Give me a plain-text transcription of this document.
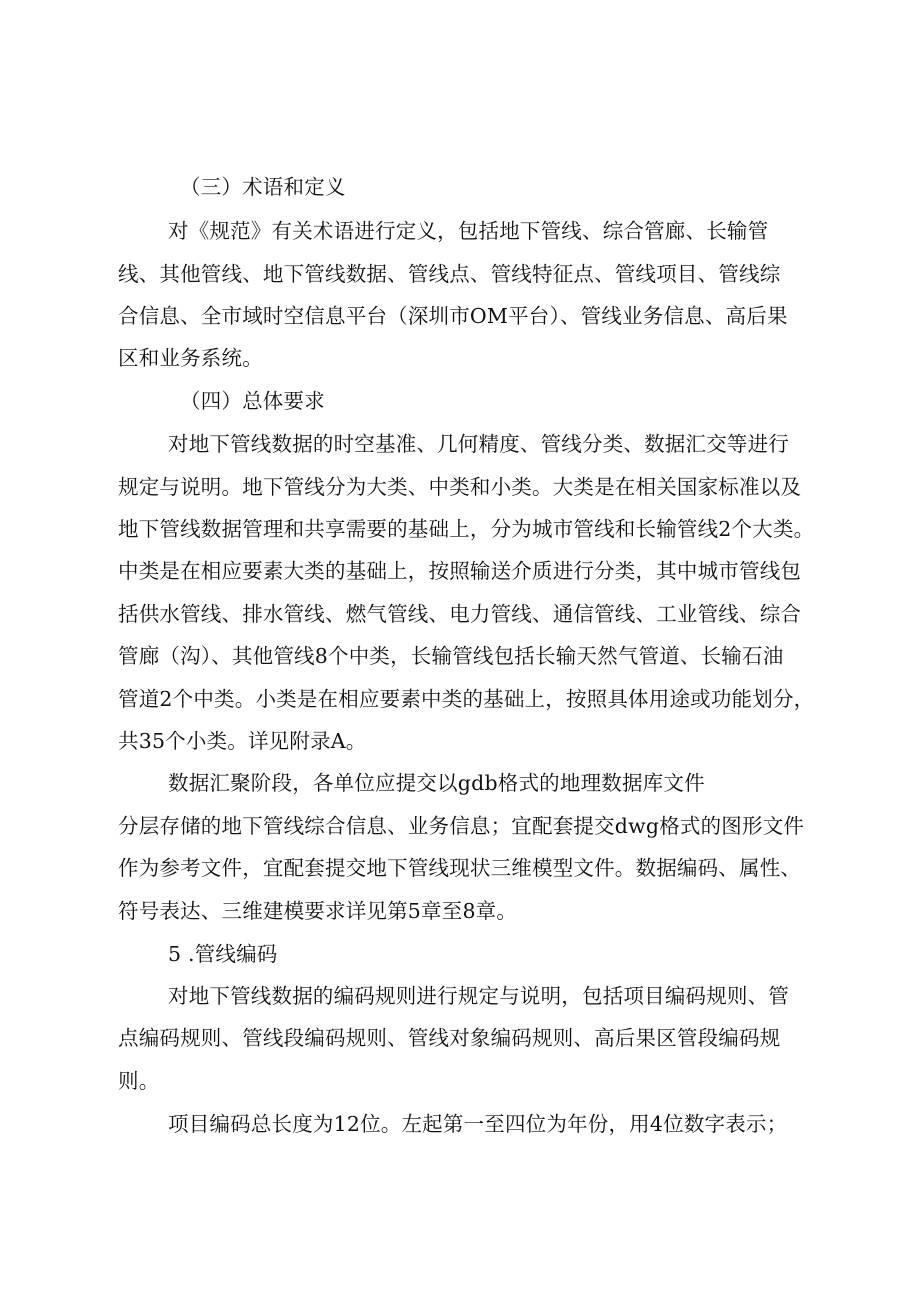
（三）术语和定义
对《规范》有关术语进行定义，包括地下管线、综合管廊、长输管
线、其他管线、地下管线数据、管线点、管线特征点、管线项目、管线综
合信息、全市域时空信息平台（深圳市OM平台）、管线业务信息、高后果
区和业务系统。
（四）总体要求
对地下管线数据的时空基准、几何精度、管线分类、数据汇交等进行
规定与说明。地下管线分为大类、中类和小类。大类是在相关国家标准以及
地下管线数据管理和共享需要的基础上，分为城市管线和长输管线2个大类。
中类是在相应要素大类的基础上，按照输送介质进行分类，其中城市管线包
括供水管线、排水管线、燃气管线、电力管线、通信管线、工业管线、综合
管廊（沟）、其他管线8个中类，长输管线包括长输天然气管道、长输石油
管道2个中类。小类是在相应要素中类的基础上，按照具体用途或功能划分，
共35个小类。详见附录A。
数据汇聚阶段，各单位应提交以gdb格式的地理数据库文件
分层存储的地下管线综合信息、业务信息；宜配套提交dwg格式的图形文件
作为参考文件，宜配套提交地下管线现状三维模型文件。数据编码、属性、
符号表达、三维建模要求详见第5章至8章。
5 .管线编码
对地下管线数据的编码规则进行规定与说明，包括项目编码规则、管
点编码规则、管线段编码规则、管线对象编码规则、高后果区管段编码规
则。
项目编码总长度为12位。左起第一至四位为年份，用4位数字表示；
